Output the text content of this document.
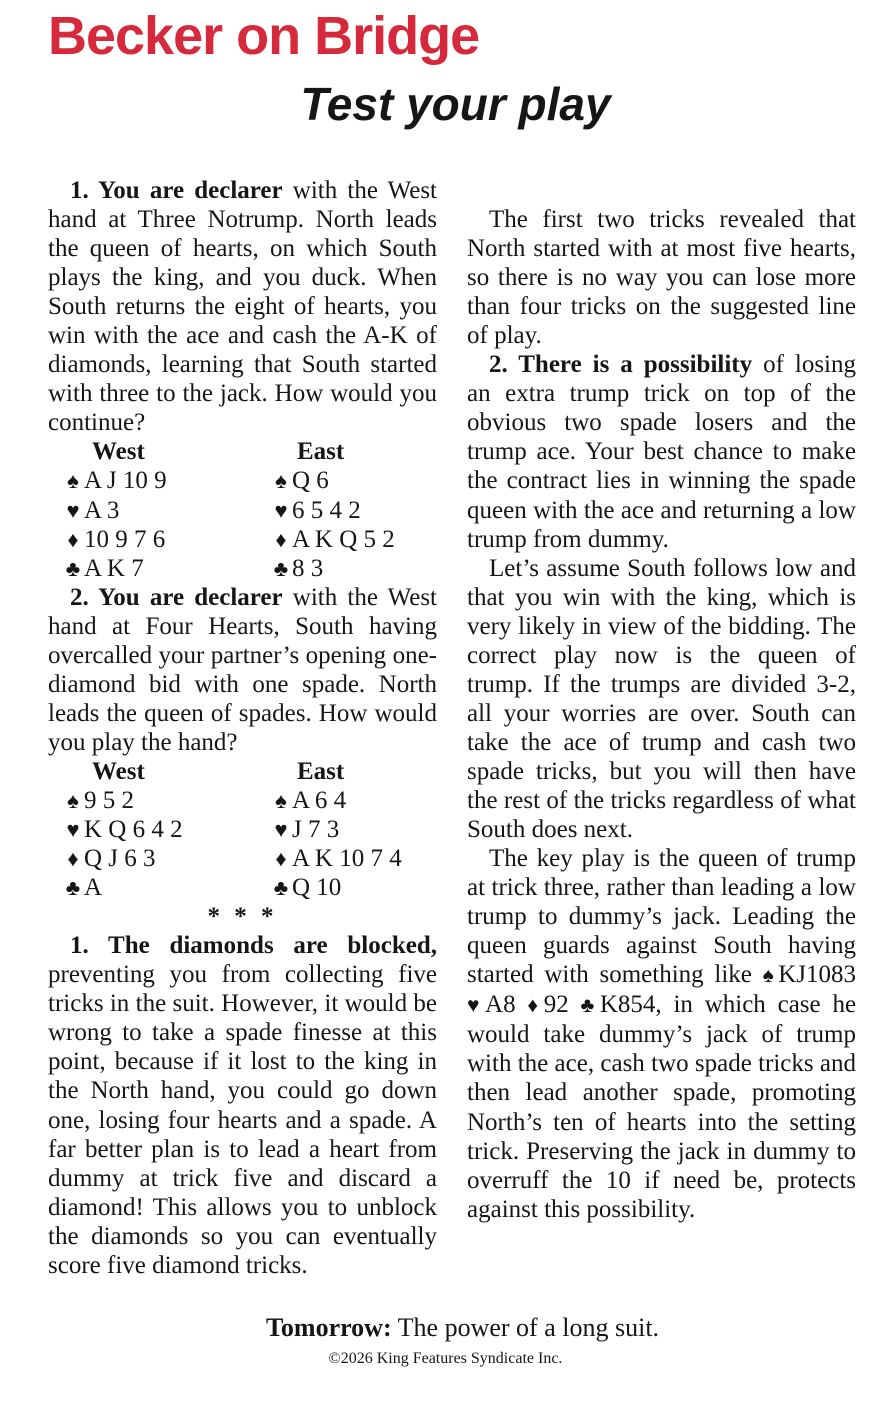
Becker on Bridge
Test your play

1. You are declarer with the West hand at Three Notrump. North leads the queen of hearts, on which South plays the king, and you duck. When South returns the eight of hearts, you win with the ace and cash the A-K of diamonds, learning that South started with three to the jack. How would you continue?

West	East
♠ A J 10 9	♠ Q 6
♥ A 3	♥ 6 5 4 2
♦ 10 9 7 6	♦ A K Q 5 2
♣ A K 7	♣ 8 3

2. You are declarer with the West hand at Four Hearts, South having overcalled your partner’s opening one-diamond bid with one spade. North leads the queen of spades. How would you play the hand?

West	East
♠ 9 5 2	♠ A 6 4
♥ K Q 6 4 2	♥ J 7 3
♦ Q J 6 3	♦ A K 10 7 4
♣ A	♣ Q 10
* * *

1. The diamonds are blocked, preventing you from collecting five tricks in the suit. However, it would be wrong to take a spade finesse at this point, because if it lost to the king in the North hand, you could go down one, losing four hearts and a spade. A far better plan is to lead a heart from dummy at trick five and discard a diamond! This allows you to unblock the diamonds so you can eventually score five diamond tricks.

The first two tricks revealed that North started with at most five hearts, so there is no way you can lose more than four tricks on the suggested line of play.

2. There is a possibility of losing an extra trump trick on top of the obvious two spade losers and the trump ace. Your best chance to make the contract lies in winning the spade queen with the ace and returning a low trump from dummy.

Let’s assume South follows low and that you win with the king, which is very likely in view of the bidding. The correct play now is the queen of trump. If the trumps are divided 3-2, all your worries are over. South can take the ace of trump and cash two spade tricks, but you will then have the rest of the tricks regardless of what South does next.

The key play is the queen of trump at trick three, rather than leading a low trump to dummy’s jack. Leading the queen guards against South having started with something like ♠KJ1083 ♥A8 ♦92 ♣K854, in which case he would take dummy’s jack of trump with the ace, cash two spade tricks and then lead another spade, promoting North’s ten of hearts into the setting trick. Preserving the jack in dummy to overruff the 10 if need be, protects against this possibility.

Tomorrow: The power of a long suit.

©2026 King Features Syndicate Inc.
